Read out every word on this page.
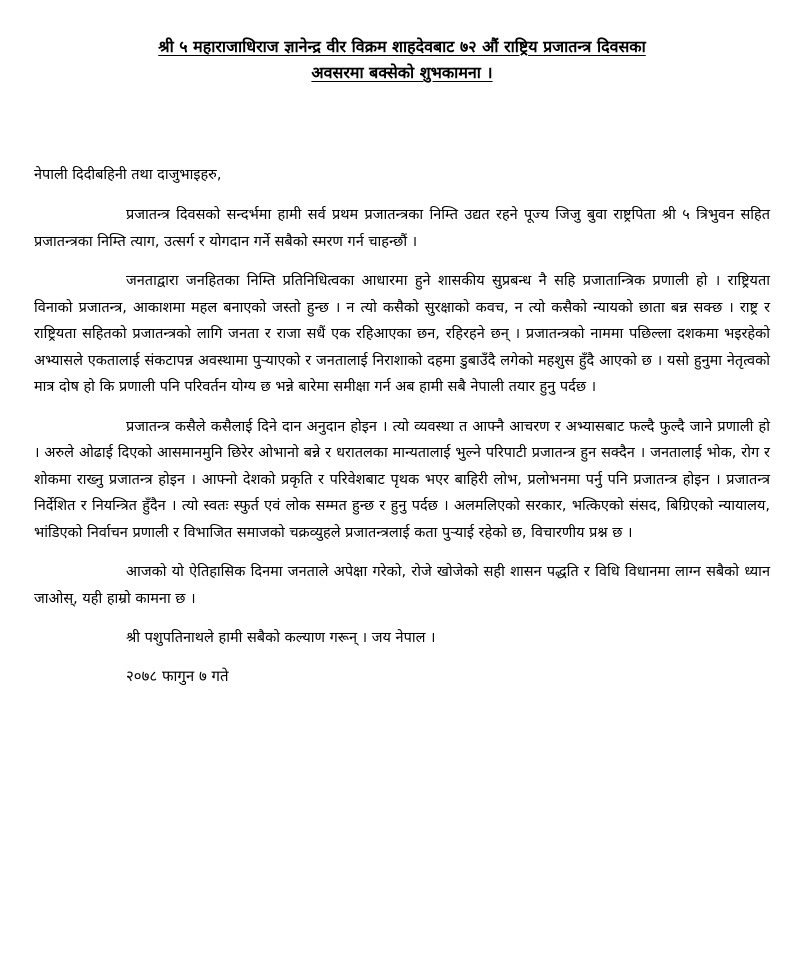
श्री ५ महाराजाधिराज ज्ञानेन्द्र वीर विक्रम शाहदेवबाट ७२ औं राष्ट्रिय प्रजातन्त्र दिवसका
अवसरमा बक्सेको शुभकामना ।

नेपाली दिदीबहिनी तथा दाजुभाइहरु,

प्रजातन्त्र दिवसको सन्दर्भमा हामी सर्व प्रथम प्रजातन्त्रका निम्ति उद्यत रहने पूज्य जिजु बुवा राष्ट्रपिता श्री ५ त्रिभुवन सहित प्रजातन्त्रका निम्ति त्याग, उत्सर्ग र योगदान गर्ने सबैको स्मरण गर्न चाहन्छौं ।

जनताद्वारा जनहितका निम्ति प्रतिनिधित्वका आधारमा हुने शासकीय सुप्रबन्ध नै सहि प्रजातान्त्रिक प्रणाली हो । राष्ट्रियता विनाको प्रजातन्त्र, आकाशमा महल बनाएको जस्तो हुन्छ । न त्यो कसैको सुरक्षाको कवच, न त्यो कसैको न्यायको छाता बन्न सक्छ । राष्ट्र र राष्ट्रियता सहितको प्रजातन्त्रको लागि जनता र राजा सधैं एक रहिआएका छन, रहिरहने छन् । प्रजातन्त्रको नाममा पछिल्ला दशकमा भइरहेको अभ्यासले एकतालाई संकटापन्न अवस्थामा पुर्‍याएको र जनतालाई निराशाको दहमा डुबाउँदै लगेको महशुस हुँदै आएको छ । यसो हुनुमा नेतृत्वको मात्र दोष हो कि प्रणाली पनि परिवर्तन योग्य छ भन्ने बारेमा समीक्षा गर्न अब हामी सबै नेपाली तयार हुनु पर्दछ ।

प्रजातन्त्र कसैले कसैलाई दिने दान अनुदान होइन । त्यो व्यवस्था त आफ्नै आचरण र अभ्यासबाट फल्दै फुल्दै जाने प्रणाली हो । अरुले ओढाई दिएको आसमानमुनि छिरेर ओभानो बन्ने र धरातलका मान्यतालाई भुल्ने परिपाटी प्रजातन्त्र हुन सक्दैन । जनतालाई भोक, रोग र शोकमा राख्नु प्रजातन्त्र होइन । आफ्नो देशको प्रकृति र परिवेशबाट पृथक भएर बाहिरी लोभ, प्रलोभनमा पर्नु पनि प्रजातन्त्र होइन । प्रजातन्त्र निर्देशित र नियन्त्रित हुँदैन । त्यो स्वतः स्फुर्त एवं लोक सम्मत हुन्छ र हुनु पर्दछ । अलमलिएको सरकार, भत्किएको संसद, बिग्रिएको न्यायालय, भांडिएको निर्वाचन प्रणाली र विभाजित समाजको चक्रव्युहले प्रजातन्त्रलाई कता पुर्‍याई रहेको छ, विचारणीय प्रश्न छ ।

आजको यो ऐतिहासिक दिनमा जनताले अपेक्षा गरेको, रोजे खोजेको सही शासन पद्धति र विधि विधानमा लाग्न सबैको ध्यान जाओस्, यही हाम्रो कामना छ ।

श्री पशुपतिनाथले हामी सबैको कल्याण गरून् । जय नेपाल ।

२०७८ फागुन ७ गते
